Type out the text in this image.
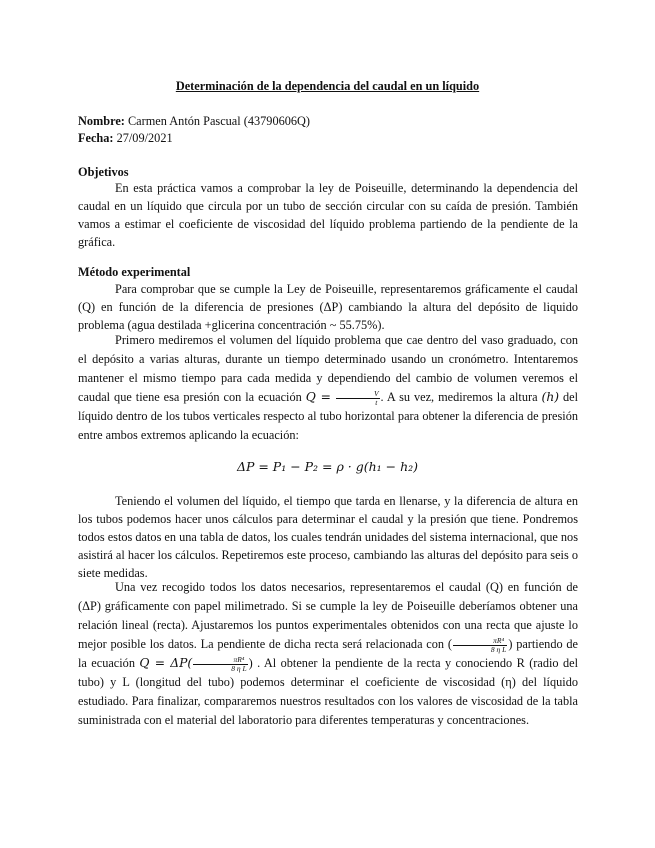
Determinación de la dependencia del caudal en un líquido
Nombre: Carmen Antón Pascual (43790606Q)
Fecha: 27/09/2021
Objetivos
En esta práctica vamos a comprobar la ley de Poiseuille, determinando la dependencia del caudal en un líquido que circula por un tubo de sección circular con su caída de presión. También vamos a estimar el coeficiente de viscosidad del líquido problema partiendo de la pendiente de la gráfica.
Método experimental
Para comprobar que se cumple la Ley de Poiseuille, representaremos gráficamente el caudal (Q) en función de la diferencia de presiones (ΔP) cambiando la altura del depósito de liquido problema (agua destilada +glicerina concentración ~ 55.75%).
Primero mediremos el volumen del líquido problema que cae dentro del vaso graduado, con el depósito a varias alturas, durante un tiempo determinado usando un cronómetro. Intentaremos mantener el mismo tiempo para cada medida y dependiendo del cambio de volumen veremos el caudal que tiene esa presión con la ecuación $Q = \frac{V}{t}$ . A su vez, mediremos la altura (h) del líquido dentro de los tubos verticales respecto al tubo horizontal para obtener la diferencia de presión entre ambos extremos aplicando la ecuación:
ΔP = P₁ − P₂ = ρ · g(h₁ − h₂)
Teniendo el volumen del líquido, el tiempo que tarda en llenarse, y la diferencia de altura en los tubos podemos hacer unos cálculos para determinar el caudal y la presión que tiene. Pondremos todos estos datos en una tabla de datos, los cuales tendrán unidades del sistema internacional, que nos asistirá al hacer los cálculos. Repetiremos este proceso, cambiando las alturas del depósito para seis o siete medidas.
Una vez recogido todos los datos necesarios, representaremos el caudal (Q) en función de (ΔP) gráficamente con papel milimetrado. Si se cumple la ley de Poiseuille deberíamos obtener una relación lineal (recta). Ajustaremos los puntos experimentales obtenidos con una recta que ajuste lo mejor posible los datos. La pendiente de dicha recta será relacionada con ( $\frac{\text{πR⁴}}{\text{8 η L}}$ ) partiendo de la ecuación $Q = \Delta P( \frac{\text{πR⁴}}{\text{8 η L}}$ ) . Al obtener la pendiente de la recta y conociendo R (radio del tubo) y L (longitud del tubo) podemos determinar el coeficiente de viscosidad (η) del líquido estudiado. Para finalizar, compararemos nuestros resultados con los valores de viscosidad de la tabla suministrada con el material del laboratorio para diferentes temperaturas y concentraciones.
